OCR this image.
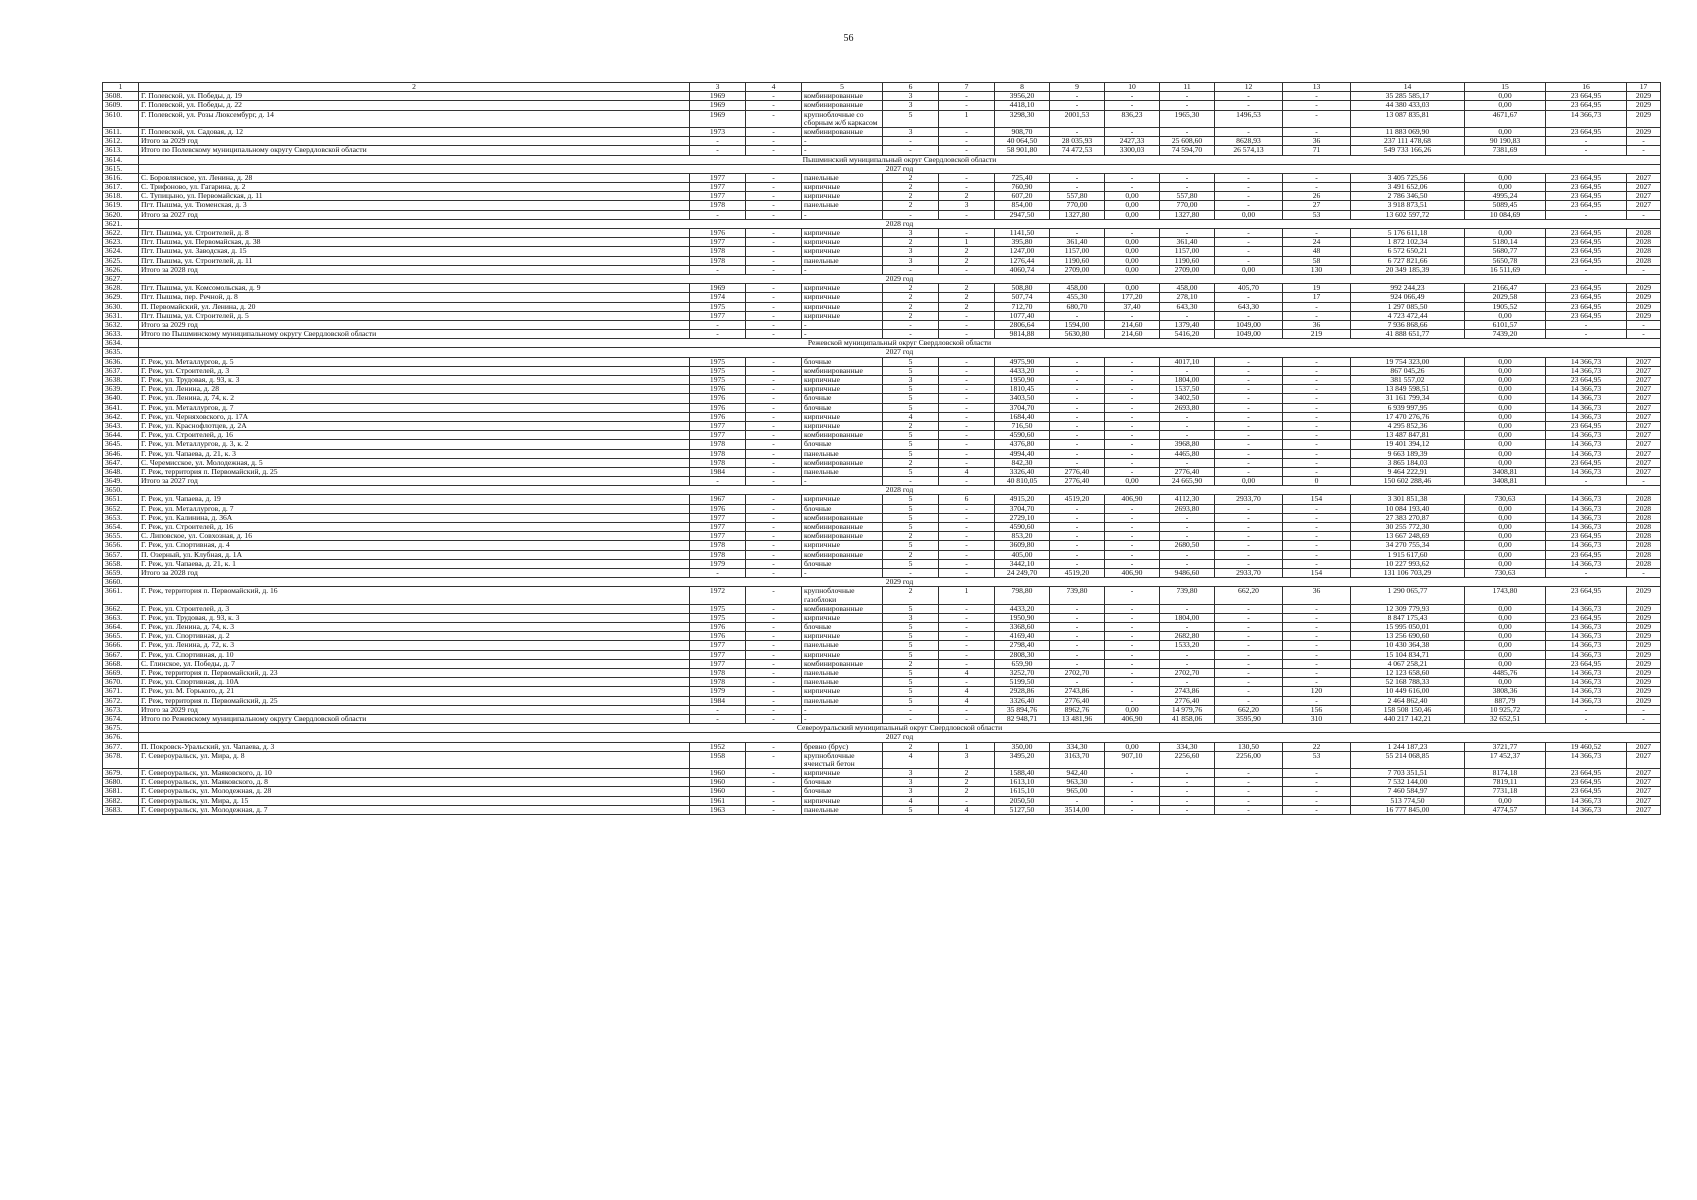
56
1	2	3	4	5	6	7	8	9	10	11	12	13	14	15	16	17
3608.	Г. Полевской, ул. Победы, д. 19	1969	-	комбинированные	3	-	3956,20	-	-	-	-	-	35 285 585,17	0,00	23 664,95	2029
3609.	Г. Полевской, ул. Победы, д. 22	1969	-	комбинированные	3	-	4418,10	-	-	-	-	-	44 380 433,03	0,00	23 664,95	2029
3610.	Г. Полевской, ул. Розы Люксембург, д. 14	1969	-	крупноблочные со сборным ж/б каркасом	5	1	3298,30	2001,53	836,23	1965,30	1496,53	-	13 087 835,81	4671,67	14 366,73	2029
3611.	Г. Полевской, ул. Садовая, д. 12	1973	-	комбинированные	3	-	908,70	-	-	-	-	-	11 883 069,90	0,00	23 664,95	2029
3612.	Итого за 2029 год	-	-	-	-	-	40 064,50	28 035,93	2427,33	25 608,60	8628,93	36	237 111 478,68	90 190,83	-	-
3613.	Итого по Полевскому муниципальному округу Свердловской области	-	-	-	-	-	58 901,80	74 472,53	3300,03	74 594,70	26 574,13	71	549 733 166,26	7381,69	-	-
3614.	Пышминский муниципальный округ Свердловской области															
3615.	2027 год															
3616.	С. Боровлянское, ул. Ленина, д. 28	1977	-	панельные	2	-	725,40	-	-	-	-	-	3 405 725,56	0,00	23 664,95	2027
3617.	С. Трифоново, ул. Гагарина, д. 2	1977	-	кирпичные	2	-	760,90	-	-	-	-	-	3 491 652,06	0,00	23 664,95	2027
3618.	С. Тупицыно, ул. Первомайская, д. 11	1977	-	кирпичные	2	2	607,20	557,80	0,00	557,80	-	26	2 786 346,50	4995,24	23 664,95	2027
3619.	Пгт. Пышма, ул. Тюменская, д. 3	1978	-	панельные	2	3	854,00	770,00	0,00	770,00	-	27	3 918 873,51	5089,45	23 664,95	2027
3620.	Итого за 2027 год	-	-	-	-	-	2947,50	1327,80	0,00	1327,80	0,00	53	13 602 597,72	10 084,69	-	-
3621.	2028 год															
3622.	Пгт. Пышма, ул. Строителей, д. 8	1976	-	кирпичные	3	-	1141,50	-	-	-	-	-	5 176 611,18	0,00	23 664,95	2028
3623.	Пгт. Пышма, ул. Первомайская, д. 38	1977	-	кирпичные	2	1	395,80	361,40	0,00	361,40	-	24	1 872 102,34	5180,14	23 664,95	2028
3624.	Пгт. Пышма, ул. Заводская, д. 15	1978	-	кирпичные	3	2	1247,00	1157,00	0,00	1157,00	-	48	6 572 650,21	5680,77	23 664,95	2028
3625.	Пгт. Пышма, ул. Строителей, д. 11	1978	-	панельные	3	2	1276,44	1190,60	0,00	1190,60	-	58	6 727 821,66	5650,78	23 664,95	2028
3626.	Итого за 2028 год	-	-	-	-	-	4060,74	2709,00	0,00	2709,00	0,00	130	20 349 185,39	16 511,69	-	-
3627.	2029 год															
3628.	Пгт. Пышма, ул. Комсомольская, д. 9	1969	-	кирпичные	2	2	508,80	458,00	0,00	458,00	405,70	19	992 244,23	2166,47	23 664,95	2029
3629.	Пгт. Пышма, пер. Речной, д. 8	1974	-	кирпичные	2	2	507,74	455,30	177,20	278,10	-	17	924 066,49	2029,58	23 664,95	2029
3630.	П. Первомайский, ул. Ленина, д. 20	1975	-	кирпичные	2	2	712,70	680,70	37,40	643,30	643,30	-	1 297 085,50	1905,52	23 664,95	2029
3631.	Пгт. Пышма, ул. Строителей, д. 5	1977	-	кирпичные	2	-	1077,40	-	-	-	-	-	4 723 472,44	0,00	23 664,95	2029
3632.	Итого за 2029 год	-	-	-	-	-	2806,64	1594,00	214,60	1379,40	1049,00	36	7 936 868,66	6101,57	-	-
3633.	Итого по Пышминскому муниципальному округу Свердловской области	-	-	-	-	-	9814,88	5630,80	214,60	5416,20	1049,00	219	41 888 651,77	7439,20	-	-
3634.	Режевской муниципальный округ Свердловской области															
3635.	2027 год															
3636.	Г. Реж, ул. Металлургов, д. 5	1975	-	блочные	5	-	4975,90	-	-	4017,10	-	-	19 754 323,00	0,00	14 366,73	2027
3637.	Г. Реж, ул. Строителей, д. 3	1975	-	комбинированные	5	-	4433,20	-	-	-	-	-	867 045,26	0,00	14 366,73	2027
3638.	Г. Реж, ул. Трудовая, д. 93, к. 3	1975	-	кирпичные	3	-	1950,90	-	-	1804,00	-	-	381 557,02	0,00	23 664,95	2027
3639.	Г. Реж, ул. Ленина, д. 28	1976	-	кирпичные	5	-	1810,45	-	-	1537,50	-	-	13 849 598,51	0,00	14 366,73	2027
3640.	Г. Реж, ул. Ленина, д. 74, к. 2	1976	-	блочные	5	-	3403,50	-	-	3402,50	-	-	31 161 799,34	0,00	14 366,73	2027
3641.	Г. Реж, ул. Металлургов, д. 7	1976	-	блочные	5	-	3704,70	-	-	2693,80	-	-	6 939 997,95	0,00	14 366,73	2027
3642.	Г. Реж, ул. Черняховского, д. 17А	1976	-	кирпичные	4	-	1684,40	-	-	-	-	-	17 470 276,76	0,00	14 366,73	2027
3643.	Г. Реж, ул. Краснофлотцев, д. 2А	1977	-	кирпичные	2	-	716,50	-	-	-	-	-	4 295 852,36	0,00	23 664,95	2027
3644.	Г. Реж, ул. Строителей, д. 16	1977	-	комбинированные	5	-	4590,60	-	-	-	-	-	13 487 847,81	0,00	14 366,73	2027
3645.	Г. Реж, ул. Металлургов, д. 3, к. 2	1978	-	блочные	5	-	4376,80	-	-	3968,80	-	-	19 401 394,12	0,00	14 366,73	2027
3646.	Г. Реж, ул. Чапаева, д. 21, к. 3	1978	-	панельные	5	-	4994,40	-	-	4465,80	-	-	9 663 189,39	0,00	14 366,73	2027
3647.	С. Черемисское, ул. Молодежная, д. 5	1978	-	комбинированные	2	-	842,30	-	-	-	-	-	3 865 184,03	0,00	23 664,95	2027
3648.	Г. Реж, территория п. Первомайский, д. 25	1984	-	панельные	5	4	3326,40	2776,40	-	2776,40	-	-	9 464 222,91	3408,81	14 366,73	2027
3649.	Итого за 2027 год	-	-	-	-	-	40 810,05	2776,40	0,00	24 665,90	0,00	0	150 602 288,46	3408,81	-	-
3650.	2028 год															
3651.	Г. Реж, ул. Чапаева, д. 19	1967	-	кирпичные	5	6	4915,20	4519,20	406,90	4112,30	2933,70	154	3 301 851,38	730,63	14 366,73	2028
3652.	Г. Реж, ул. Металлургов, д. 7	1976	-	блочные	5	-	3704,70	-	-	2693,80	-	-	10 084 193,40	0,00	14 366,73	2028
3653.	Г. Реж, ул. Калинина, д. 36А	1977	-	комбинированные	5	-	2729,10	-	-	-	-	-	27 383 270,87	0,00	14 366,73	2028
3654.	Г. Реж, ул. Строителей, д. 16	1977	-	комбинированные	5	-	4590,60	-	-	-	-	-	30 255 772,30	0,00	14 366,73	2028
3655.	С. Липовское, ул. Совхозная, д. 16	1977	-	комбинированные	2	-	853,20	-	-	-	-	-	13 667 248,69	0,00	23 664,95	2028
3656.	Г. Реж, ул. Спортивная, д. 4	1978	-	кирпичные	5	-	3609,80	-	-	2680,50	-	-	34 270 755,34	0,00	14 366,73	2028
3657.	П. Озерный, ул. Клубная, д. 1А	1978	-	комбинированные	2	-	405,00	-	-	-	-	-	1 915 617,60	0,00	23 664,95	2028
3658.	Г. Реж, ул. Чапаева, д. 21, к. 1	1979	-	блочные	5	-	3442,10	-	-	-	-	-	10 227 993,62	0,00	14 366,73	2028
3659.	Итого за 2028 год	-	-	-	-	-	24 249,70	4519,20	406,90	9486,60	2933,70	154	131 106 703,29	730,63	-	-
3660.	2029 год															
3661.	Г. Реж, территория п. Первомайский, д. 16	1972	-	крупноблочные газоблоки	2	1	798,80	739,80	-	739,80	662,20	36	1 290 065,77	1743,80	23 664,95	2029
3662.	Г. Реж, ул. Строителей, д. 3	1975	-	комбинированные	5	-	4433,20	-	-	-	-	-	12 309 779,93	0,00	14 366,73	2029
3663.	Г. Реж, ул. Трудовая, д. 93, к. 3	1975	-	кирпичные	3	-	1950,90	-	-	1804,00	-	-	8 847 175,43	0,00	23 664,95	2029
3664.	Г. Реж, ул. Ленина, д. 74, к. 3	1976	-	блочные	5	-	3368,60	-	-	-	-	-	15 995 050,01	0,00	14 366,73	2029
3665.	Г. Реж, ул. Спортивная, д. 2	1976	-	кирпичные	5	-	4169,40	-	-	2682,80	-	-	13 256 690,60	0,00	14 366,73	2029
3666.	Г. Реж, ул. Ленина, д. 72, к. 3	1977	-	панельные	5	-	2798,40	-	-	1533,20	-	-	10 430 364,38	0,00	14 366,73	2029
3667.	Г. Реж, ул. Спортивная, д. 10	1977	-	кирпичные	5	-	2808,30	-	-	-	-	-	15 104 834,71	0,00	14 366,73	2029
3668.	С. Глинское, ул. Победы, д. 7	1977	-	комбинированные	2	-	659,90	-	-	-	-	-	4 067 258,21	0,00	23 664,95	2029
3669.	Г. Реж, территория п. Первомайский, д. 23	1978	-	панельные	5	4	3252,70	2702,70	-	2702,70	-	-	12 123 658,60	4485,76	14 366,73	2029
3670.	Г. Реж, ул. Спортивная, д. 10А	1978	-	панельные	5	-	5199,50	-	-	-	-	-	52 168 788,33	0,00	14 366,73	2029
3671.	Г. Реж, ул. М. Горького, д. 21	1979	-	кирпичные	5	4	2928,86	2743,86	-	2743,86	-	120	10 449 616,00	3808,36	14 366,73	2029
3672.	Г. Реж, территория п. Первомайский, д. 25	1984	-	панельные	5	4	3326,40	2776,40	-	2776,40	-	-	2 464 862,40	887,79	14 366,73	2029
3673.	Итого за 2029 год	-	-	-	-	-	35 894,76	8962,76	0,00	14 979,76	662,20	156	158 508 150,46	10 925,72	-	-
3674.	Итого по Режевскому муниципальному округу Свердловской области	-	-	-	-	-	82 948,71	13 481,96	406,90	41 858,06	3595,90	310	440 217 142,21	32 652,51	-	-
3675.	Североуральский муниципальный округ Свердловской области															
3676.	2027 год															
3677.	П. Покровск-Уральский, ул. Чапаева, д. 3	1952	-	бревно (брус)	2	1	350,00	334,30	0,00	334,30	130,50	22	1 244 187,23	3721,77	19 460,52	2027
3678.	Г. Североуральск, ул. Мира, д. 8	1958	-	крупноблочные ячеистый бетон	4	3	3495,20	3163,70	907,10	2256,60	2256,00	53	55 214 068,85	17 452,37	14 366,73	2027
3679.	Г. Североуральск, ул. Маяковского, д. 10	1960	-	кирпичные	3	2	1588,40	942,40	-	-	-	-	7 703 351,51	8174,18	23 664,95	2027
3680.	Г. Североуральск, ул. Маяковского, д. 8	1960	-	блочные	3	2	1613,10	963,30	-	-	-	-	7 532 144,00	7819,11	23 664,95	2027
3681.	Г. Североуральск, ул. Молодежная, д. 28	1960	-	блочные	3	2	1615,10	965,00	-	-	-	-	7 460 584,97	7731,18	23 664,95	2027
3682.	Г. Североуральск, ул. Мира, д. 15	1961	-	кирпичные	4	-	2050,50	-	-	-	-	-	513 774,50	0,00	14 366,73	2027
3683.	Г. Североуральск, ул. Молодежная, д. 7	1963	-	панельные	5	4	5127,50	3514,00	-	-	-	-	16 777 845,00	4774,57	14 366,73	2027
